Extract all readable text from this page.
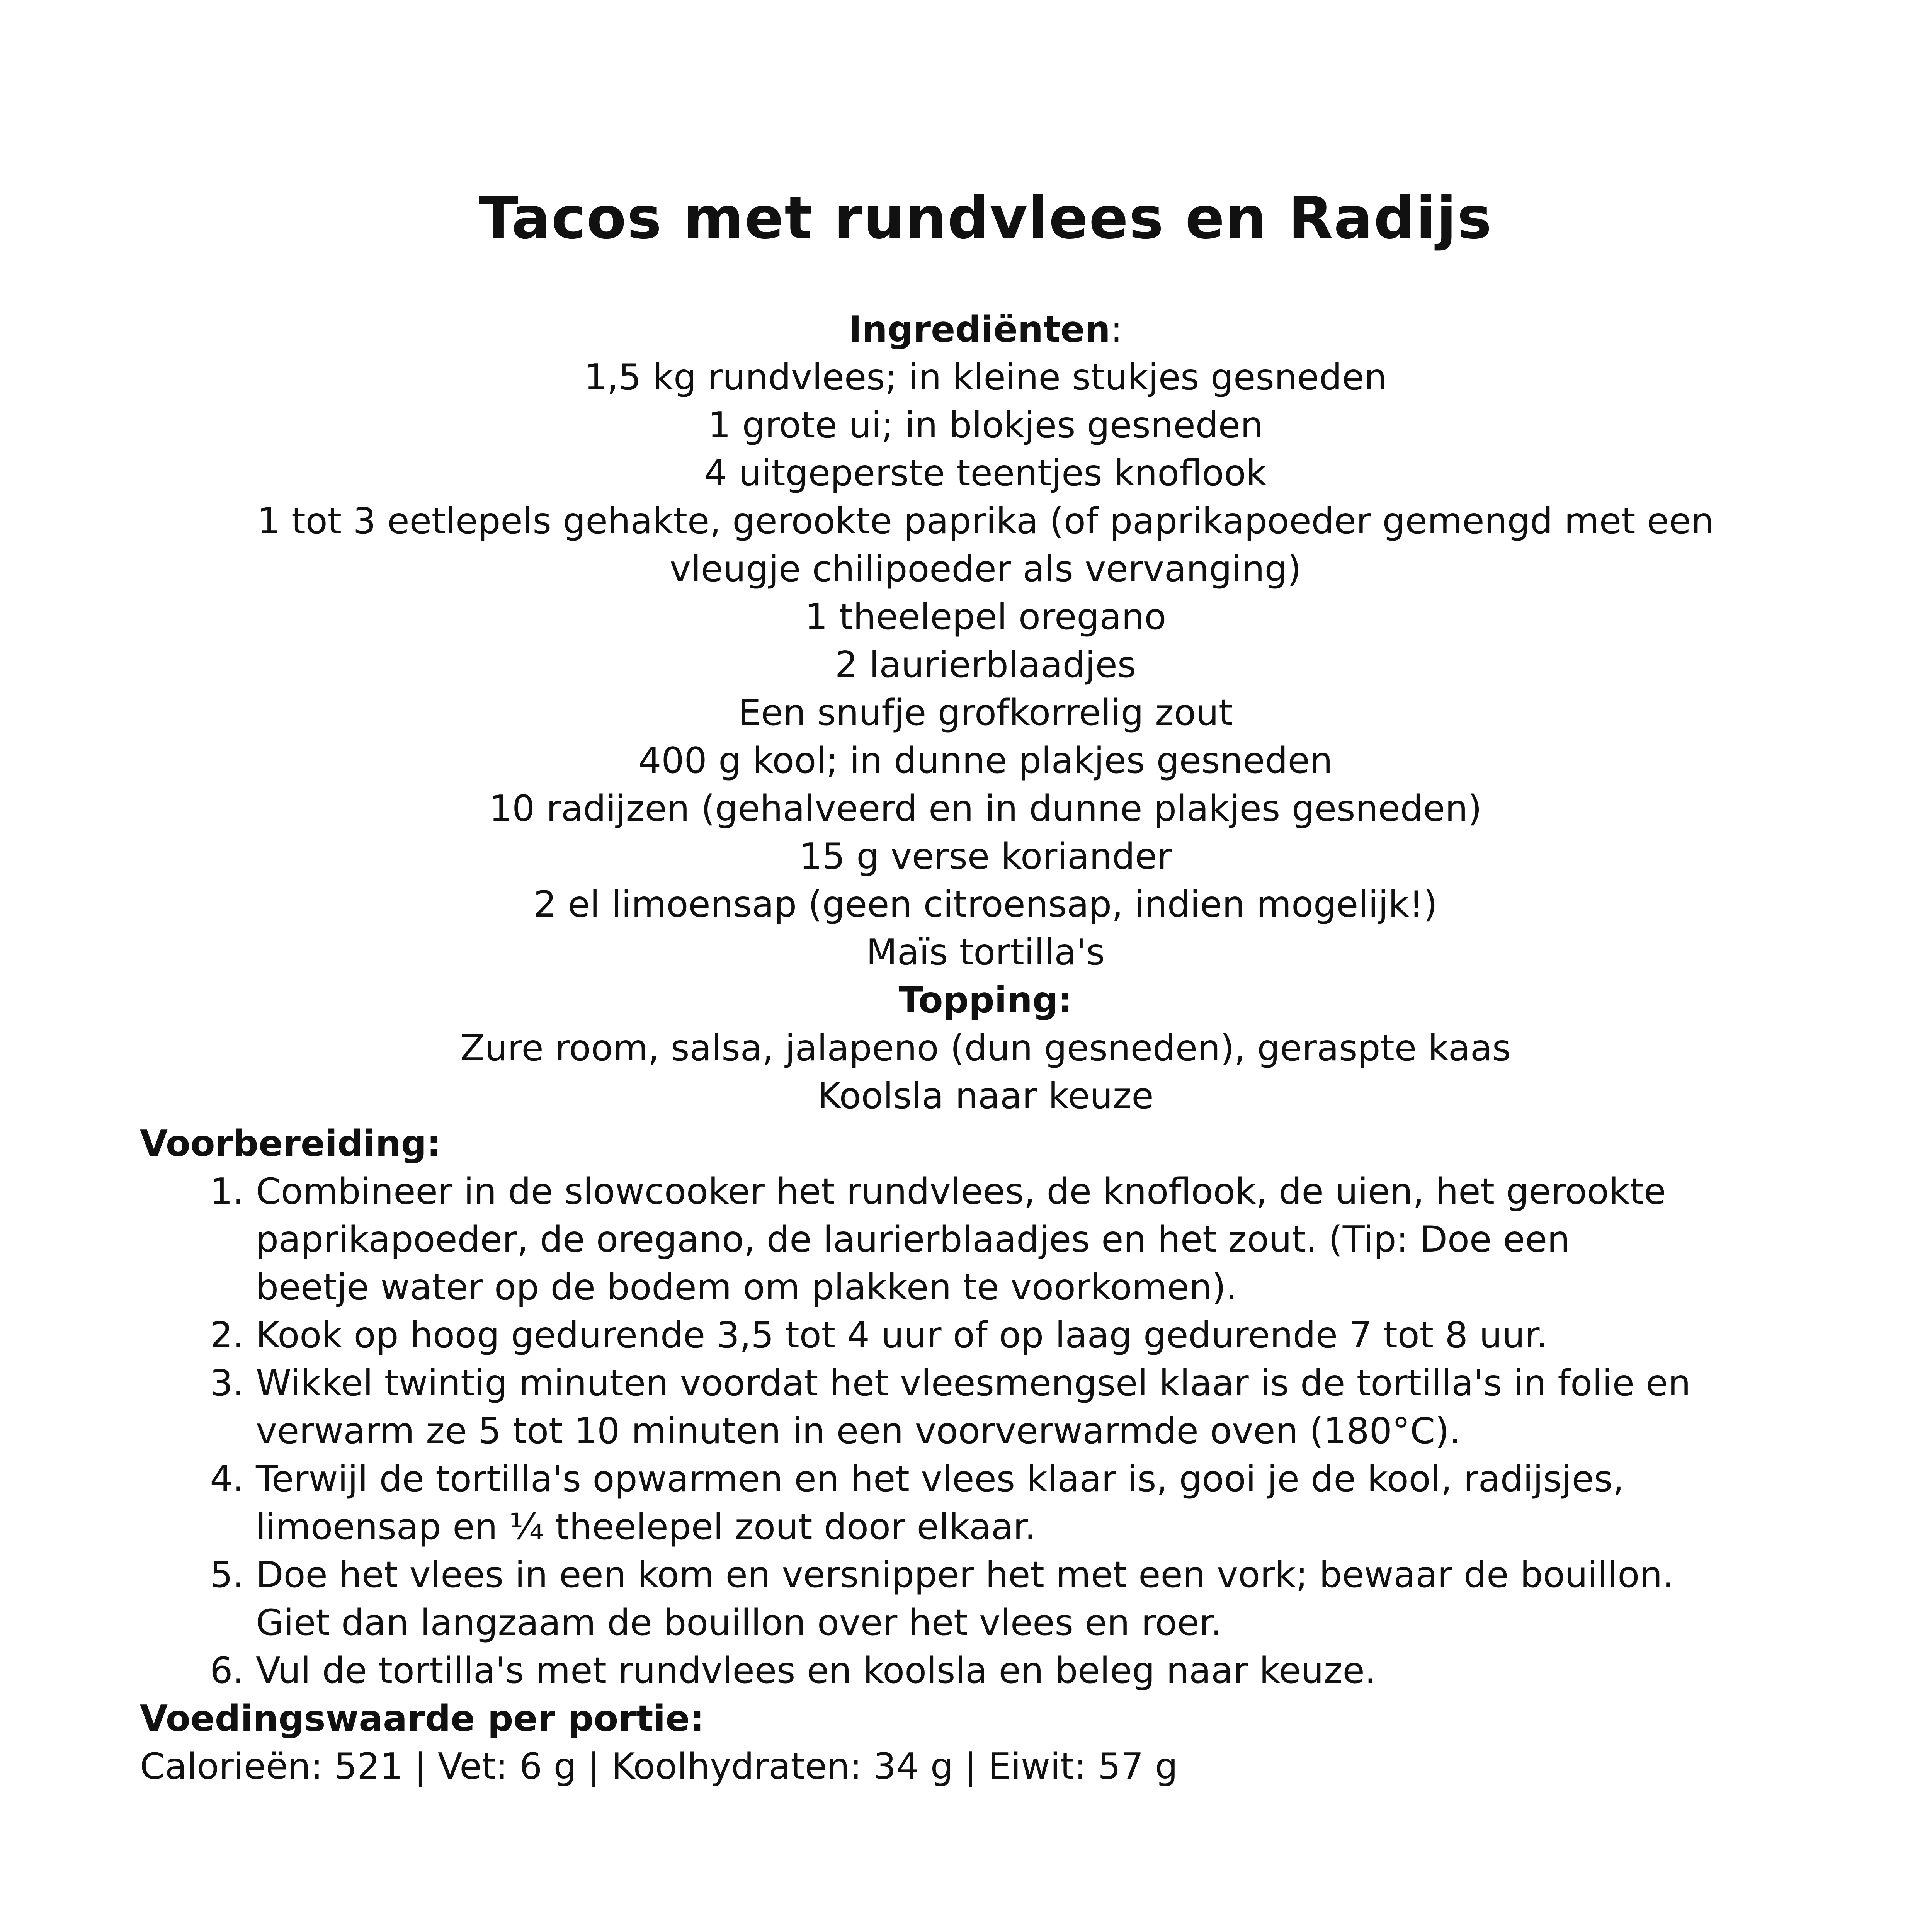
Tacos met rundvlees en Radijs
Ingrediënten:
1,5 kg rundvlees; in kleine stukjes gesneden
1 grote ui; in blokjes gesneden
4 uitgeperste teentjes knoflook
1 tot 3 eetlepels gehakte, gerookte paprika (of paprikapoeder gemengd met een
vleugje chilipoeder als vervanging)
1 theelepel oregano
2 laurierblaadjes
Een snufje grofkorrelig zout
400 g kool; in dunne plakjes gesneden
10 radijzen (gehalveerd en in dunne plakjes gesneden)
15 g verse koriander
2 el limoensap (geen citroensap, indien mogelijk!)
Maïs tortilla's
Topping:
Zure room, salsa, jalapeno (dun gesneden), geraspte kaas
Koolsla naar keuze

Voorbereiding:

1. Combineer in de slowcooker het rundvlees, de knoflook, de uien, het gerookte
paprikapoeder, de oregano, de laurierblaadjes en het zout. (Tip: Doe een
beetje water op de bodem om plakken te voorkomen).
2. Kook op hoog gedurende 3,5 tot 4 uur of op laag gedurende 7 tot 8 uur.
3. Wikkel twintig minuten voordat het vleesmengsel klaar is de tortilla's in folie en
verwarm ze 5 tot 10 minuten in een voorverwarmde oven (180°C).
4. Terwijl de tortilla's opwarmen en het vlees klaar is, gooi je de kool, radijsjes,
limoensap en ¼ theelepel zout door elkaar.
5. Doe het vlees in een kom en versnipper het met een vork; bewaar de bouillon.
Giet dan langzaam de bouillon over het vlees en roer.
6. Vul de tortilla's met rundvlees en koolsla en beleg naar keuze.

Voedingswaarde per portie:

Calorieën: 521 | Vet: 6 g | Koolhydraten: 34 g | Eiwit: 57 g
